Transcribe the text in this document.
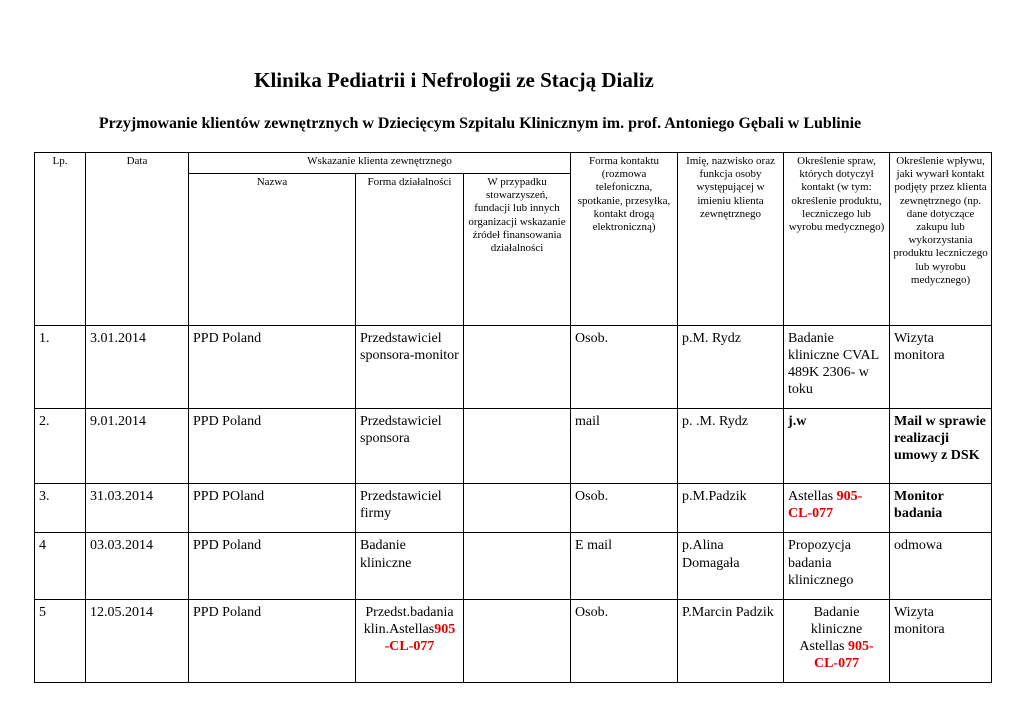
Klinika Pediatrii i Nefrologii ze Stacją Dializ
Przyjmowanie klientów zewnętrznych w Dziecięcym Szpitalu Klinicznym im. prof. Antoniego Gębali w Lublinie
Lp.	Data	Wskazanie klienta zewnętrznego			Forma kontaktu (rozmowa telefoniczna, spotkanie, przesyłka, kontakt drogą elektroniczną)	Imię, nazwisko oraz funkcja osoby występującej w imieniu klienta zewnętrznego	Określenie spraw, których dotyczył kontakt (w tym: określenie produktu, leczniczego lub wyrobu medycznego)	Określenie wpływu, jaki wywarł kontakt podjęty przez klienta zewnętrznego (np. dane dotyczące zakupu lub wykorzystania produktu leczniczego lub wyrobu medycznego)
		Nazwa	Forma działalności	W przypadku stowarzyszeń, fundacji lub innych organizacji wskazanie źródeł finansowania działalności				
1.	3.01.2014	PPD Poland	Przedstawiciel sponsora-monitor		Osob.	p.M. Rydz	Badanie kliniczne CVAL 489K 2306- w toku	Wizyta monitora
2.	9.01.2014	PPD Poland	Przedstawiciel sponsora		mail	p. .M. Rydz	j.w	Mail w sprawie realizacji umowy z DSK
3.	31.03.2014	PPD POland	Przedstawiciel firmy		Osob.	p.M.Padzik	Astellas 905-CL-077	Monitor badania
4	03.03.2014	PPD Poland	Badanie kliniczne		E mail	p.Alina Domagała	Propozycja badania klinicznego	odmowa
5	12.05.2014	PPD Poland	Przedst.badania klin.Astellas905 -CL-077		Osob.	P.Marcin Padzik	Badanie kliniczne Astellas 905-CL-077	Wizyta monitora
